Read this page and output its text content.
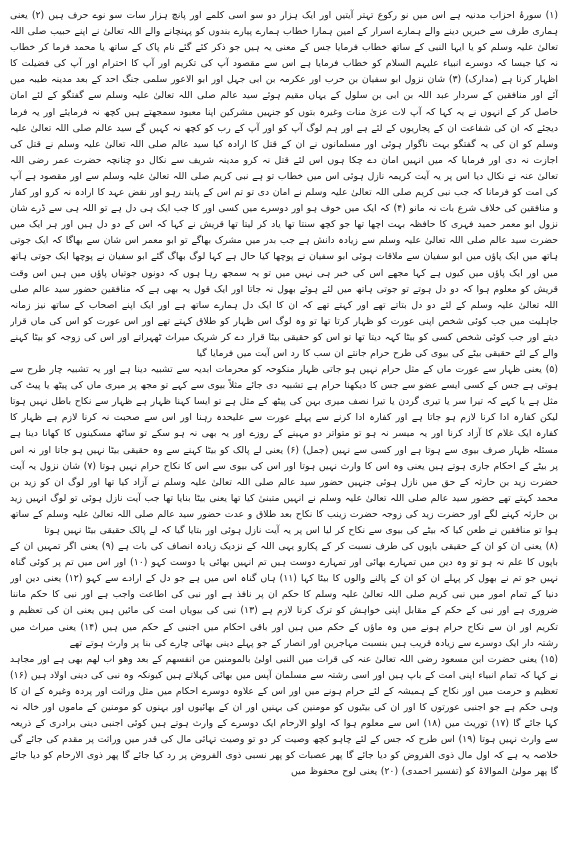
(۱) سورۂ احزاب مدنیہ ہے اس میں نو رکوع تہتر آیتیں اور ایک ہزار دو سو اسی کلمے اور پانچ ہزار سات سو نوے حرف ہیں (۲) یعنی ہماری طرف سے خبریں دینے والے ہمارے اسرار کے امین ہمارا خطاب ہمارے پیارے بندوں کو پہنچانے والے اللہ تعالیٰ نے اپنے حبیب صلی اللہ تعالیٰ علیہ وسلم کو یا ایہا النبی کے ساتھ خطاب فرمایا جس کے معنی یہ ہیں جو ذکر کئے گئے نام پاک کے ساتھ یا محمد فرما کر خطاب نہ کیا جیسا کہ دوسرے انبیاء علیہم السلام کو خطاب فرمایا ہے اس سے مقصود آپ کی تکریم اور آپ کا احترام اور آپ کی فضیلت کا اظہار کرنا ہے (مدارک) (۳) شان نزول ابو سفیان بن حرب اور عکرمہ بن ابی جہل اور ابو الاعور سلمی جنگ احد کے بعد مدینہ طیبہ میں آئے اور منافقین کے سردار عبد اللہ بن ابی بن سلول کے یہاں مقیم ہوئے سید عالم صلی اللہ تعالیٰ علیہ وسلم سے گفتگو کے لئے امان حاصل کر کے انہوں نے یہ کہا کہ آپ لات عزیٰ منات وغیرہ بتوں کو جنہیں مشرکین اپنا معبود سمجھتے ہیں کچھ نہ فرمایئے اور یہ فرما دیجئے کہ ان کی شفاعت ان کے پجاریوں کے لئے ہے اور ہم لوگ آپ کو اور آپ کے رب کو کچھ نہ کہیں گے سید عالم صلی اللہ تعالیٰ علیہ وسلم کو ان کی یہ گفتگو بہت ناگوار ہوئی اور مسلمانوں نے ان کے قتل کا ارادہ کیا سید عالم صلی اللہ تعالیٰ علیہ وسلم نے قتل کی اجازت نہ دی اور فرمایا کہ میں انہیں امان دے چکا ہوں اس لئے قتل نہ کرو مدینہ شریف سے نکال دو چنانچہ حضرت عمر رضی اللہ تعالیٰ عنہ نے نکال دیا اس پر یہ آیت کریمہ نازل ہوئی اس میں خطاب تو ہے نبی کریم صلی اللہ تعالیٰ علیہ وسلم سے اور مقصود ہے آپ کی امت کو فرمانا کہ جب نبی کریم صلی اللہ تعالیٰ علیہ وسلم نے امان دی تو تم اس کے پابند رہو اور نقض عہد کا ارادہ نہ کرو اور کفار و منافقین کی خلاف شرع بات نہ مانو (۴) کہ ایک میں خوف ہو اور دوسرے میں کسی اور کا جب ایک ہی دل ہے تو اللہ ہی سے ڈرے شان نزول ابو معمر حمید فہری کا حافظہ بہت اچھا تھا جو کچھ سنتا تھا یاد کر لیتا تھا قریش نے کہا کہ اس کے دو دل ہیں اور ہر ایک میں حضرت سید عالم صلی اللہ تعالیٰ علیہ وسلم سے زیادہ دانش ہے جب بدر میں مشرک بھاگے تو ابو معمر اس شان سے بھاگا کہ ایک جوتی ہاتھ میں ایک پاؤں میں ابو سفیان سے ملاقات ہوئی ابو سفیان نے پوچھا کیا حال ہے کہا لوگ بھاگ گئے ابو سفیان نے پوچھا ایک جوتی ہاتھ میں اور ایک پاؤں میں کیوں ہے کہا مجھے اس کی خبر ہی نہیں میں تو یہ سمجھ رہا ہوں کہ دونوں جوتیاں پاؤں میں ہیں اس وقت قریش کو معلوم ہوا کہ دو دل ہوتے تو جوتی ہاتھ میں لئے ہوئے بھول نہ جاتا اور ایک قول یہ بھی ہے کہ منافقین حضور سید عالم صلی اللہ تعالیٰ علیہ وسلم کے لئے دو دل بتاتے تھے اور کہتے تھے کہ ان کا ایک دل ہمارے ساتھ ہے اور ایک اپنے اصحاب کے ساتھ نیز زمانہ جاہلیت میں جب کوئی شخص اپنی عورت کو ظہار کرتا تھا تو وہ لوگ اس ظہار کو طلاق کہتے تھے اور اس عورت کو اس کی ماں قرار دیتے اور جب کوئی شخص کسی کو بیٹا کہہ دیتا تھا تو اس کو حقیقی بیٹا قرار دے کر شریک میراث ٹھہراتے اور اس کی زوجہ کو بیٹا کہنے والے کے لئے حقیقی بیٹے کی بیوی کی طرح حرام جانتے ان سب کا رد اس آیت میں فرمایا گیا

(۵) یعنی ظہار سے عورت ماں کے مثل حرام نہیں ہو جاتی ظہار منکوحہ کو محرمات ابدیہ سے تشبیہ دینا ہے اور یہ تشبیہ چار طرح سے ہوتی ہے جس کے کسی ایسے عضو سے جس کا دیکھنا حرام ہے تشبیہ دی جائے مثلاً بیوی سے کہے تو مجھ پر میری ماں کی پیٹھ یا پیٹ کی مثل ہے یا کہے کہ تیرا سر یا تیری گردن یا تیرا نصف میری بہن کی پیٹھ کے مثل ہے تو ایسا کہنا ظہار ہے ظہار سے نکاح باطل نہیں ہوتا لیکن کفارہ ادا کرنا لازم ہو جاتا ہے اور کفارہ ادا کرنے سے پہلے عورت سے علیحدہ رہنا اور اس سے صحبت نہ کرنا لازم ہے ظہار کا کفارہ ایک غلام کا آزاد کرنا اور یہ میسر نہ ہو تو متواتر دو مہینے کے روزے اور یہ بھی نہ ہو سکے تو ساٹھ مسکینوں کا کھانا دینا ہے مسئلہ ظہار صرف بیوی سے ہوتا ہے اور کسی سے نہیں (جمل) (۶) یعنی لے پالک کو بیٹا کہنے سے وہ حقیقی بیٹا نہیں ہو جاتا اور نہ اس پر بیٹے کے احکام جاری ہوتے ہیں یعنی وہ اس کا وارث نہیں ہوتا اور اس کی بیوی سے اس کا نکاح حرام نہیں ہوتا (۷) شان نزول یہ آیت حضرت زید بن حارثہ کے حق میں نازل ہوئی جنہیں حضور سید عالم صلی اللہ تعالیٰ علیہ وسلم نے آزاد کیا تھا اور لوگ ان کو زید بن محمد کہتے تھے حضور سید عالم صلی اللہ تعالیٰ علیہ وسلم نے انہیں متبنیٰ کیا تھا یعنی بیٹا بنایا تھا جب آیت نازل ہوئی تو لوگ انہیں زید بن حارثہ کہنے لگے اور حضرت زید کی زوجہ حضرت زینب کا نکاح بعد طلاق و عدت حضور سید عالم صلی اللہ تعالیٰ علیہ وسلم کے ساتھ ہوا تو منافقین نے طعن کیا کہ بیٹے کی بیوی سے نکاح کر لیا اس پر یہ آیت نازل ہوئی اور بتایا گیا کہ لے پالک حقیقی بیٹا نہیں ہوتا

(۸) یعنی ان کو ان کے حقیقی باپوں کی طرف نسبت کر کے پکارو یہی اللہ کے نزدیک زیادہ انصاف کی بات ہے (۹) یعنی اگر تمہیں ان کے باپوں کا علم نہ ہو تو وہ دین میں تمہارے بھائی اور تمہارے دوست ہیں تم انہیں بھائی یا دوست کہو (۱۰) اور اس میں تم پر کوئی گناہ نہیں جو تم نے بھول کر پہلے ان کو ان کے پالنے والوں کا بیٹا کہا (۱۱) ہاں گناہ اس میں ہے جو دل کے ارادے سے کہو (۱۲) یعنی دین اور دنیا کے تمام امور میں نبی کریم صلی اللہ تعالیٰ علیہ وسلم کا حکم ان پر نافذ ہے اور نبی کی اطاعت واجب ہے اور نبی کا حکم ماننا ضروری ہے اور نبی کے حکم کے مقابل اپنی خواہش کو ترک کرنا لازم ہے (۱۳) نبی کی بیویاں امت کی مائیں ہیں یعنی ان کی تعظیم و تکریم اور ان سے نکاح حرام ہونے میں وہ ماؤں کے حکم میں ہیں اور باقی احکام میں اجنبی کے حکم میں ہیں (۱۴) یعنی میراث میں رشتہ دار ایک دوسرے سے زیادہ قریب ہیں بنسبت مہاجرین اور انصار کے جو پہلے دینی بھائی چارے کی بنا پر وارث ہوتے تھے

(۱۵) یعنی حضرت ابن مسعود رضی اللہ تعالیٰ عنہ کی قرات میں النبی اولیٰ بالمومنین من انفسھم کے بعد وھو اب لھم بھی ہے اور مجاہد نے کہا کہ تمام انبیاء اپنی امت کے باپ ہیں اور اسی رشتہ سے مسلمان آپس میں بھائی کہلاتے ہیں کیونکہ وہ نبی کی دینی اولاد ہیں (۱۶) تعظیم و حرمت میں اور نکاح کے ہمیشہ کے لئے حرام ہونے میں اور اس کے علاوہ دوسرے احکام میں مثل وراثت اور پردہ وغیرہ کے ان کا وہی حکم ہے جو اجنبی عورتوں کا اور ان کی بیٹیوں کو مومنین کی بہنیں اور ان کے بھائیوں اور بہنوں کو مومنین کے ماموں اور خالہ نہ کہا جائے گا (۱۷) توریث میں (۱۸) اس سے معلوم ہوا کہ اولو الارحام ایک دوسرے کے وارث ہوتے ہیں کوئی اجنبی دینی برادری کے ذریعہ سے وارث نہیں ہوتا (۱۹) اس طرح کہ جس کے لئے چاہو کچھ وصیت کر دو تو وصیت تہائی مال کی قدر میں وراثت پر مقدم کی جائے گی خلاصہ یہ ہے کہ اول مال ذوی الفروض کو دیا جائے گا پھر عصبات کو پھر نسبی ذوی الفروض پر رد کیا جائے گا پھر ذوی الارحام کو دیا جائے گا پھر مولیٰ الموالاۃ کو (تفسیر احمدی) (۲۰) یعنی لوح محفوظ میں
